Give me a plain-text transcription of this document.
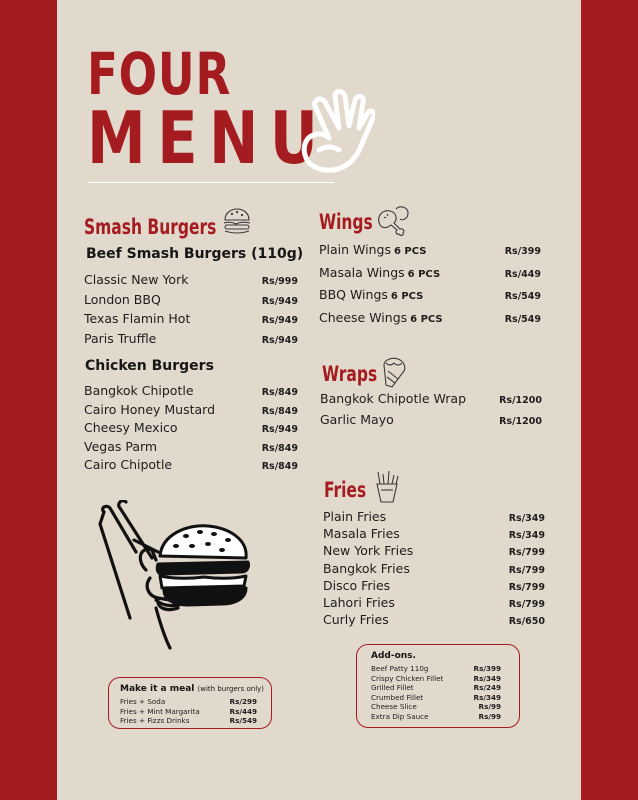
FOUR
MENU
Smash Burgers
Beef Smash Burgers (110g)
Classic New York	Rs/999
London BBQ	Rs/949
Texas Flamin Hot	Rs/949
Paris Truffle	Rs/949
Chicken Burgers
Bangkok Chipotle	Rs/849
Cairo Honey Mustard	Rs/849
Cheesy Mexico	Rs/949
Vegas Parm	Rs/849
Cairo Chipotle	Rs/849

Make it a meal (with burgers only)

Fries + Soda	Rs/299
Fries + Mint Margarita	Rs/449
Fries + Fizzs Drinks	Rs/549
Wings
Plain Wings 6 PCS	Rs/399
Masala Wings 6 PCS	Rs/449
BBQ Wings 6 PCS	Rs/549
Cheese Wings 6 PCS	Rs/549
Wraps
Bangkok Chipotle Wrap	Rs/1200
Garlic Mayo	Rs/1200
Fries
Plain Fries	Rs/349
Masala Fries	Rs/349
New York Fries	Rs/799
Bangkok Fries	Rs/799
Disco Fries	Rs/799
Lahori Fries	Rs/799
Curly Fries	Rs/650

Add-ons.

Beef Patty 110g	Rs/399
Crispy Chicken Fillet	Rs/349
Grilled Fillet	Rs/249
Crumbed Fillet	Rs/349
Cheese Slice	Rs/99
Extra Dip Sauce	Rs/99
